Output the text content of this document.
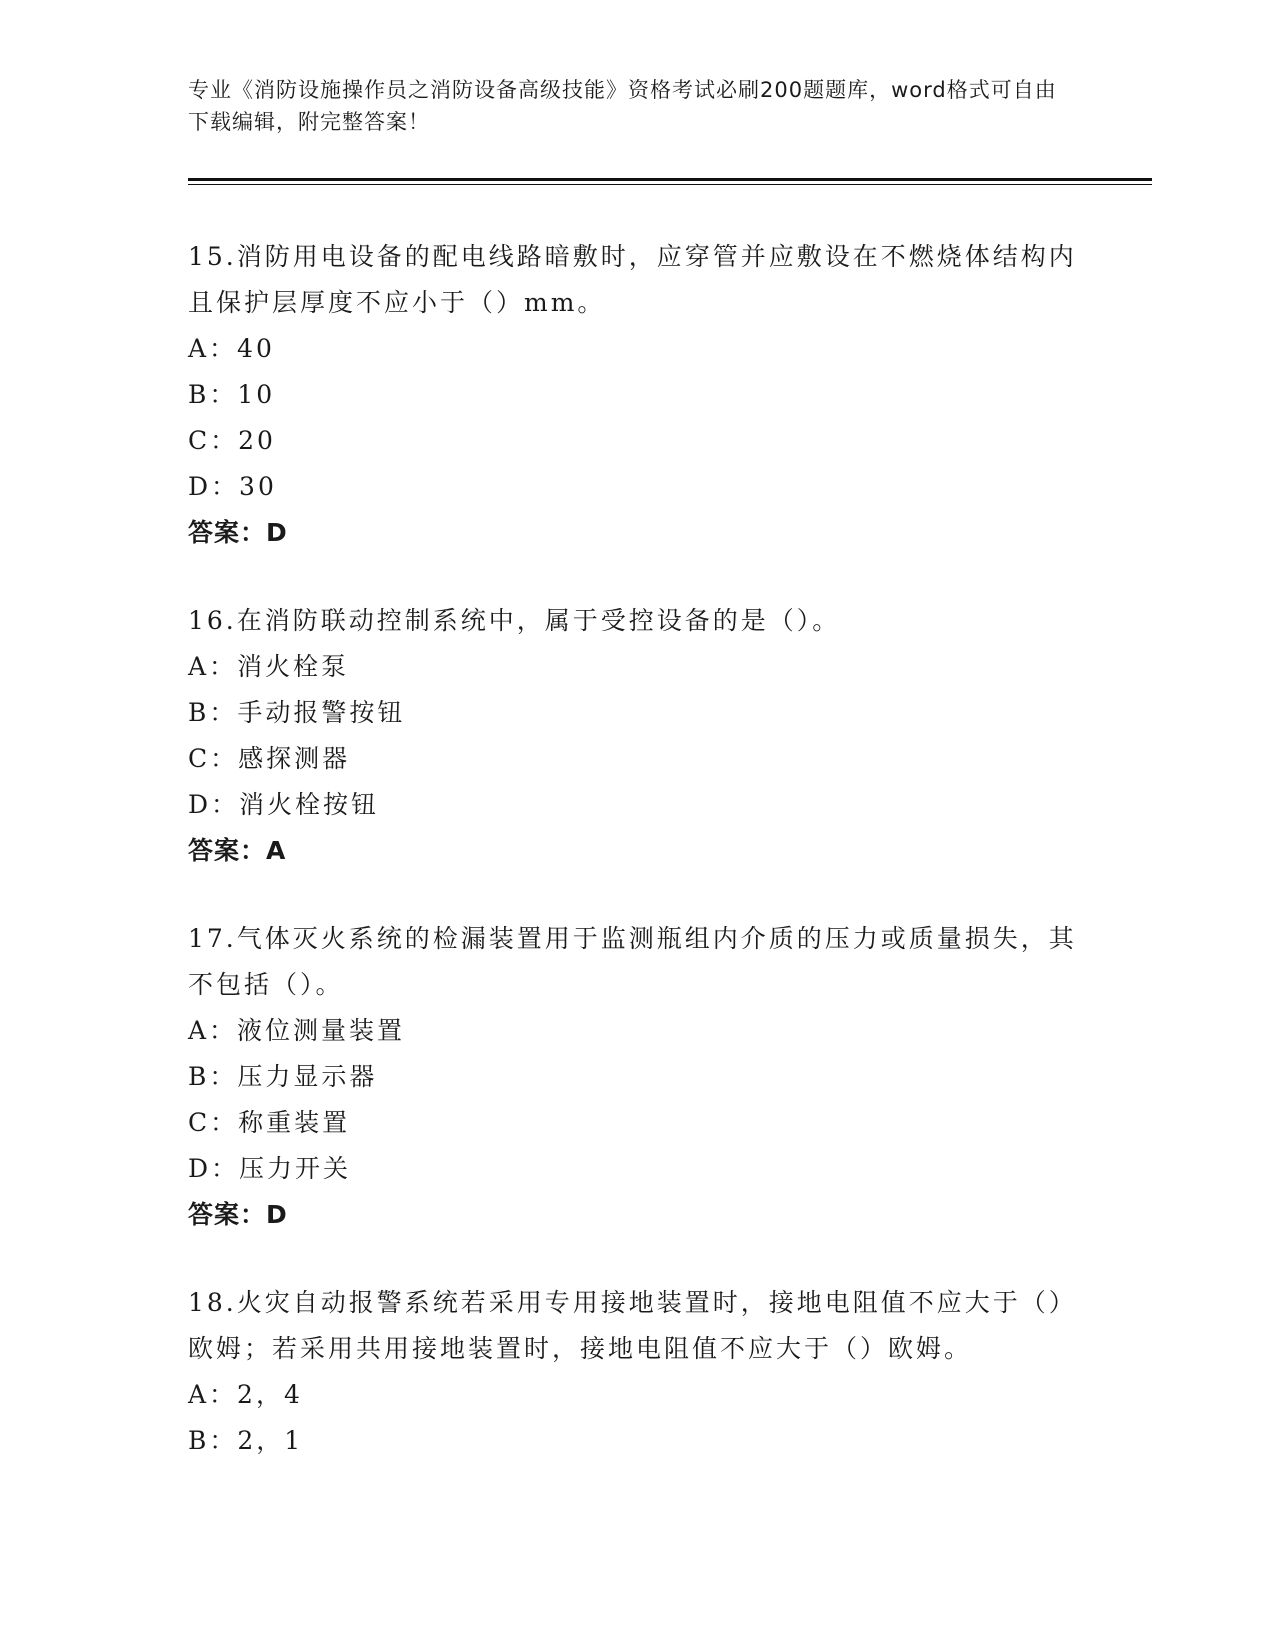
专业《消防设施操作员之消防设备高级技能》资格考试必刷200题题库，word格式可自由下载编辑，附完整答案！
15.消防用电设备的配电线路暗敷时，应穿管并应敷设在不燃烧体结构内且保护层厚度不应小于（）mm。
A：40
B：10
C：20
D：30
答案：D
16.在消防联动控制系统中，属于受控设备的是（）。
A：消火栓泵
B：手动报警按钮
C：感探测器
D：消火栓按钮
答案：A
17.气体灭火系统的检漏装置用于监测瓶组内介质的压力或质量损失，其不包括（）。
A：液位测量装置
B：压力显示器
C：称重装置
D：压力开关
答案：D
18.火灾自动报警系统若采用专用接地装置时，接地电阻值不应大于（）欧姆；若采用共用接地装置时，接地电阻值不应大于（）欧姆。
A：2，4
B：2，1
